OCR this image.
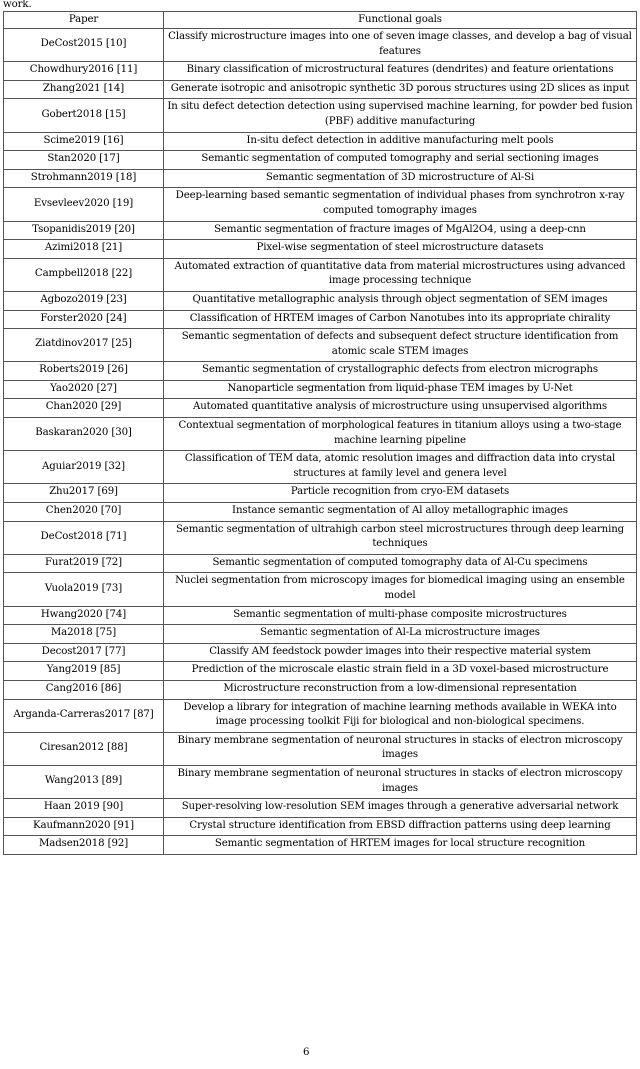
work.
Paper	Functional goals
DeCost2015 [10]	Classify microstructure images into one of seven image classes, and develop a bag of visual features
Chowdhury2016 [11]	Binary classification of microstructural features (dendrites) and feature orientations
Zhang2021 [14]	Generate isotropic and anisotropic synthetic 3D porous structures using 2D slices as input
Gobert2018 [15]	In situ defect detection detection using supervised machine learning, for powder bed fusion (PBF) additive manufacturing
Scime2019 [16]	In-situ defect detection in additive manufacturing melt pools
Stan2020 [17]	Semantic segmentation of computed tomography and serial sectioning images
Strohmann2019 [18]	Semantic segmentation of 3D microstructure of Al-Si
Evsevleev2020 [19]	Deep-learning based semantic segmentation of individual phases from synchrotron x-ray computed tomography images
Tsopanidis2019 [20]	Semantic segmentation of fracture images of MgAl2O4, using a deep-cnn
Azimi2018 [21]	Pixel-wise segmentation of steel microstructure datasets
Campbell2018 [22]	Automated extraction of quantitative data from material microstructures using advanced image processing technique
Agbozo2019 [23]	Quantitative metallographic analysis through object segmentation of SEM images
Forster2020 [24]	Classification of HRTEM images of Carbon Nanotubes into its appropriate chirality
Ziatdinov2017 [25]	Semantic segmentation of defects and subsequent defect structure identification from atomic scale STEM images
Roberts2019 [26]	Semantic segmentation of crystallographic defects from electron micrographs
Yao2020 [27]	Nanoparticle segmentation from liquid-phase TEM images by U-Net
Chan2020 [29]	Automated quantitative analysis of microstructure using unsupervised algorithms
Baskaran2020 [30]	Contextual segmentation of morphological features in titanium alloys using a two-stage machine learning pipeline
Aguiar2019 [32]	Classification of TEM data, atomic resolution images and diffraction data into crystal structures at family level and genera level
Zhu2017 [69]	Particle recognition from cryo-EM datasets
Chen2020 [70]	Instance semantic segmentation of Al alloy metallographic images
DeCost2018 [71]	Semantic segmentation of ultrahigh carbon steel microstructures through deep learning techniques
Furat2019 [72]	Semantic segmentation of computed tomography data of Al-Cu specimens
Vuola2019 [73]	Nuclei segmentation from microscopy images for biomedical imaging using an ensemble model
Hwang2020 [74]	Semantic segmentation of multi-phase composite microstructures
Ma2018 [75]	Semantic segmentation of Al-La microstructure images
Decost2017 [77]	Classify AM feedstock powder images into their respective material system
Yang2019 [85]	Prediction of the microscale elastic strain field in a 3D voxel-based microstructure
Cang2016 [86]	Microstructure reconstruction from a low-dimensional representation
Arganda-Carreras2017 [87]	Develop a library for integration of machine learning methods available in WEKA into image processing toolkit Fiji for biological and non-biological specimens.
Ciresan2012 [88]	Binary membrane segmentation of neuronal structures in stacks of electron microscopy images
Wang2013 [89]	Binary membrane segmentation of neuronal structures in stacks of electron microscopy images
Haan 2019 [90]	Super-resolving low-resolution SEM images through a generative adversarial network
Kaufmann2020 [91]	Crystal structure identification from EBSD diffraction patterns using deep learning
Madsen2018 [92]	Semantic segmentation of HRTEM images for local structure recognition
6
